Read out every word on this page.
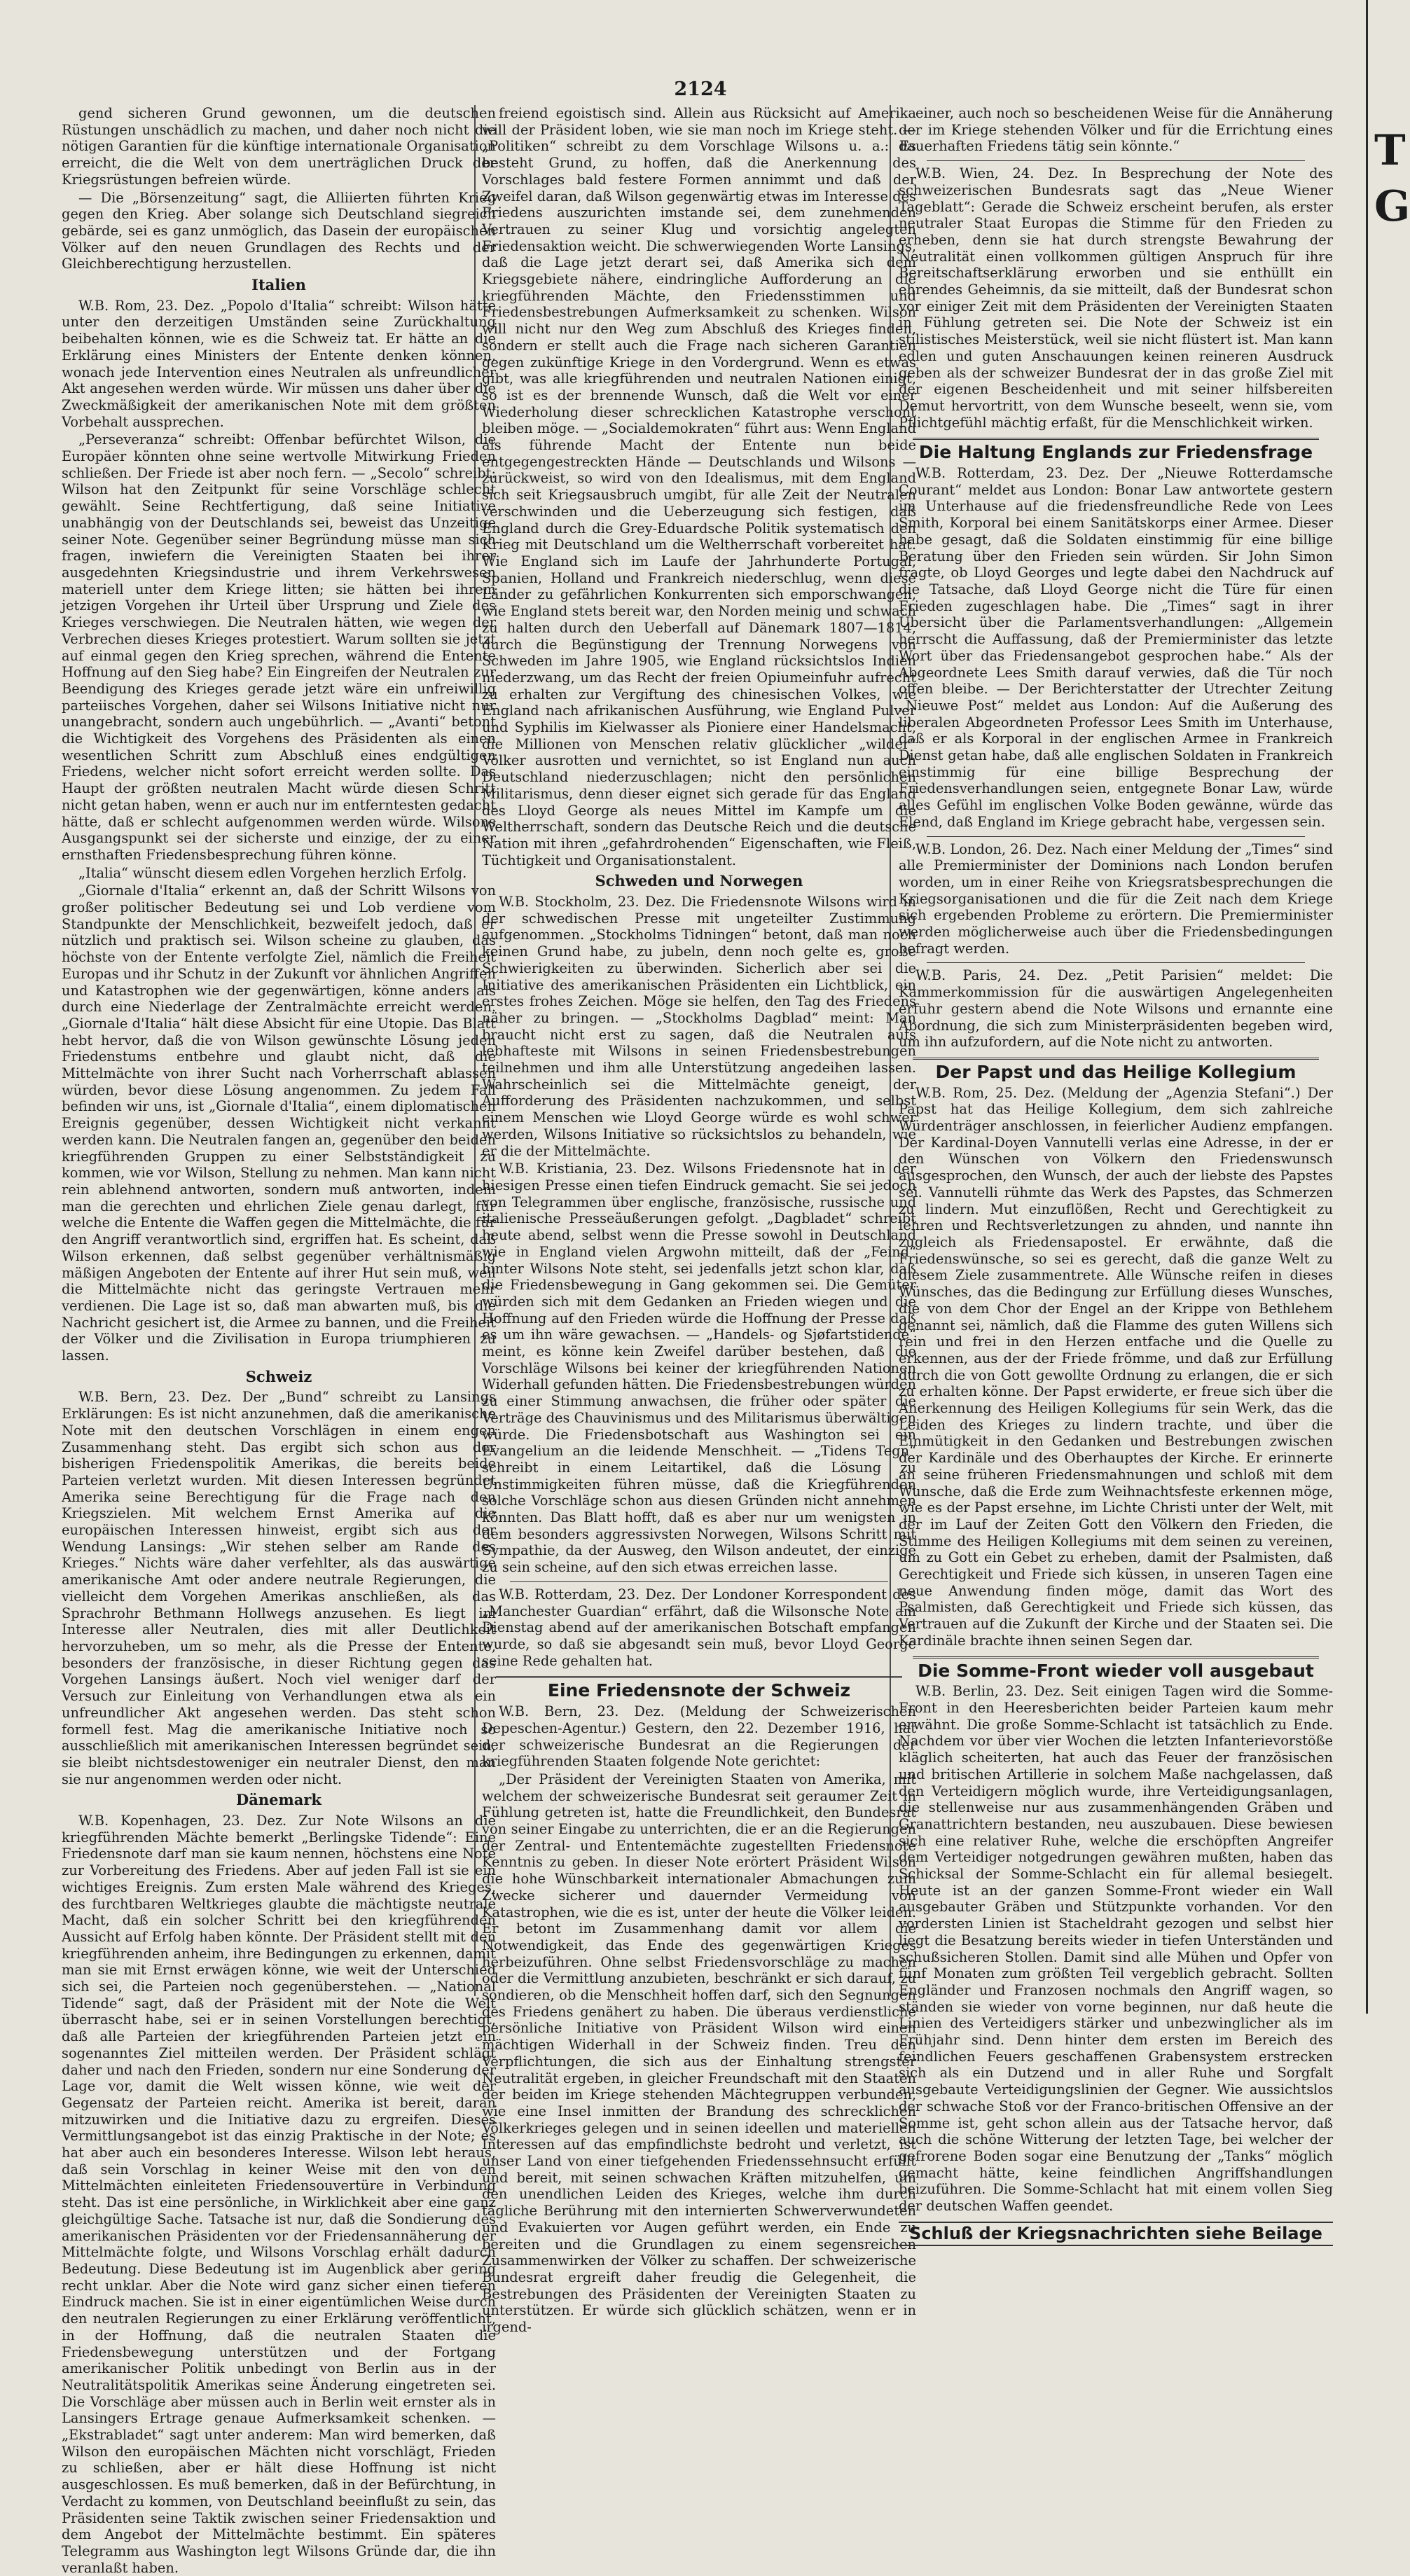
2124
T
G

gend sicheren Grund gewonnen, um die deutschen Rüstungen unschädlich zu machen, und daher noch nicht die nötigen Garantien für die künftige internationale Organisation erreicht, die die Welt von dem unerträglichen Druck der Kriegsrüstungen befreien würde.

— Die „Börsenzeitung“ sagt, die Alliierten führten Krieg gegen den Krieg. Aber solange sich Deutschland siegreich gebärde, sei es ganz unmöglich, das Dasein der europäischen Völker auf den neuen Grundlagen des Rechts und der Gleichberechtigung herzustellen.

Italien

W.B. Rom, 23. Dez. „Popolo d'Italia“ schreibt: Wilson hätte unter den derzeitigen Umständen seine Zurückhaltung beibehalten können, wie es die Schweiz tat. Er hätte an die Erklärung eines Ministers der Entente denken können, wonach jede Intervention eines Neutralen als unfreundlicher Akt angesehen werden würde. Wir müssen uns daher über die Zweckmäßigkeit der amerikanischen Note mit dem größten Vorbehalt aussprechen.

„Perseveranza“ schreibt: Offenbar befürchtet Wilson, die Europäer könnten ohne seine wertvolle Mitwirkung Frieden schließen. Der Friede ist aber noch fern. — „Secolo“ schreibt: Wilson hat den Zeitpunkt für seine Vorschläge schlecht gewählt. Seine Rechtfertigung, daß seine Initiative unabhängig von der Deutschlands sei, beweist das Unzeitige seiner Note. Gegenüber seiner Begründung müsse man sich fragen, inwiefern die Vereinigten Staaten bei ihrer ausgedehnten Kriegsindustrie und ihrem Verkehrswesen materiell unter dem Kriege litten; sie hätten bei ihrem jetzigen Vorgehen ihr Urteil über Ursprung und Ziele des Krieges verschwiegen. Die Neutralen hätten, wie wegen der Verbrechen dieses Krieges protestiert. Warum sollten sie jetzt auf einmal gegen den Krieg sprechen, während die Entente Hoffnung auf den Sieg habe? Ein Eingreifen der Neutralen zur Beendigung des Krieges gerade jetzt wäre ein unfreiwillig parteiisches Vorgehen, daher sei Wilsons Initiative nicht nur unangebracht, sondern auch ungebührlich. — „Avanti“ betont die Wichtigkeit des Vorgehens des Präsidenten als einen wesentlichen Schritt zum Abschluß eines endgültigen Friedens, welcher nicht sofort erreicht werden sollte. Das Haupt der größten neutralen Macht würde diesen Schritt nicht getan haben, wenn er auch nur im entferntesten gedacht hätte, daß er schlecht aufgenommen werden würde. Wilsons Ausgangspunkt sei der sicherste und einzige, der zu einer ernsthaften Friedensbesprechung führen könne.

„Italia“ wünscht diesem edlen Vorgehen herzlich Erfolg.

„Giornale d'Italia“ erkennt an, daß der Schritt Wilsons von großer politischer Bedeutung sei und Lob verdiene vom Standpunkte der Menschlichkeit, bezweifelt jedoch, daß er nützlich und praktisch sei. Wilson scheine zu glauben, das höchste von der Entente verfolgte Ziel, nämlich die Freiheit Europas und ihr Schutz in der Zukunft vor ähnlichen Angriffen und Katastrophen wie der gegenwärtigen, könne anders als durch eine Niederlage der Zentralmächte erreicht werden. „Giornale d'Italia“ hält diese Absicht für eine Utopie. Das Blatt hebt hervor, daß die von Wilson gewünschte Lösung jeden Friedenstums entbehre und glaubt nicht, daß die Mittelmächte von ihrer Sucht nach Vorherrschaft ablassen würden, bevor diese Lösung angenommen. Zu jedem Fall befinden wir uns, ist „Giornale d'Italia“, einem diplomatischen Ereignis gegenüber, dessen Wichtigkeit nicht verkannt werden kann. Die Neutralen fangen an, gegenüber den beiden kriegführenden Gruppen zu einer Selbstständigkeit zu kommen, wie vor Wilson, Stellung zu nehmen. Man kann nicht rein ablehnend antworten, sondern muß antworten, indem man die gerechten und ehrlichen Ziele genau darlegt, für welche die Entente die Waffen gegen die Mittelmächte, die für den Angriff verantwortlich sind, ergriffen hat. Es scheint, daß Wilson erkennen, daß selbst gegenüber verhältnismäßig mäßigen Angeboten der Entente auf ihrer Hut sein muß, weil die Mittelmächte nicht das geringste Vertrauen mehr verdienen. Die Lage ist so, daß man abwarten muß, bis die Nachricht gesichert ist, die Armee zu bannen, und die Freiheit der Völker und die Zivilisation in Europa triumphieren zu lassen.

Schweiz

W.B. Bern, 23. Dez. Der „Bund“ schreibt zu Lansings Erklärungen: Es ist nicht anzunehmen, daß die amerikanische Note mit den deutschen Vorschlägen in einem engen Zusammenhang steht. Das ergibt sich schon aus der bisherigen Friedenspolitik Amerikas, die bereits beide Parteien verletzt wurden. Mit diesen Interessen begründet Amerika seine Berechtigung für die Frage nach den Kriegszielen. Mit welchem Ernst Amerika auf die europäischen Interessen hinweist, ergibt sich aus der Wendung Lansings: „Wir stehen selber am Rande des Krieges.“ Nichts wäre daher verfehlter, als das auswärtige amerikanische Amt oder andere neutrale Regierungen, die vielleicht dem Vorgehen Amerikas anschließen, als das Sprachrohr Bethmann Hollwegs anzusehen. Es liegt im Interesse aller Neutralen, dies mit aller Deutlichkeit hervorzuheben, um so mehr, als die Presse der Entente, besonders der französische, in dieser Richtung gegen das Vorgehen Lansings äußert. Noch viel weniger darf der Versuch zur Einleitung von Verhandlungen etwa als ein unfreundlicher Akt angesehen werden. Das steht schon formell fest. Mag die amerikanische Initiative noch so ausschließlich mit amerikanischen Interessen begründet sein, sie bleibt nichtsdestoweniger ein neutraler Dienst, den man sie nur angenommen werden oder nicht.

Dänemark

W.B. Kopenhagen, 23. Dez. Zur Note Wilsons an die kriegführenden Mächte bemerkt „Berlingske Tidende“: Eine Friedensnote darf man sie kaum nennen, höchstens eine Note zur Vorbereitung des Friedens. Aber auf jeden Fall ist sie ein wichtiges Ereignis. Zum ersten Male während des Krieges, des furchtbaren Weltkrieges glaubte die mächtigste neutrale Macht, daß ein solcher Schritt bei den kriegführenden Aussicht auf Erfolg haben könnte. Der Präsident stellt mit den kriegführenden anheim, ihre Bedingungen zu erkennen, damit man sie mit Ernst erwägen könne, wie weit der Unterschied sich sei, die Parteien noch gegenüberstehen. — „National Tidende“ sagt, daß der Präsident mit der Note die Welt überrascht habe, sei er in seinen Vorstellungen berechtigt, daß alle Parteien der kriegführenden Parteien jetzt ein sogenanntes Ziel mitteilen werden. Der Präsident schlägt daher und nach den Frieden, sondern nur eine Sonderung der Lage vor, damit die Welt wissen könne, wie weit der Gegensatz der Parteien reicht. Amerika ist bereit, daran mitzuwirken und die Initiative dazu zu ergreifen. Dieses Vermittlungsangebot ist das einzig Praktische in der Note; es hat aber auch ein besonderes Interesse. Wilson lebt heraus, daß sein Vorschlag in keiner Weise mit den von den Mittelmächten einleiteten Friedensouvertüre in Verbindung steht. Das ist eine persönliche, in Wirklichkeit aber eine ganz gleichgültige Sache. Tatsache ist nur, daß die Sondierung des amerikanischen Präsidenten vor der Friedensannäherung der Mittelmächte folgte, und Wilsons Vorschlag erhält dadurch Bedeutung. Diese Bedeutung ist im Augenblick aber gering recht unklar. Aber die Note wird ganz sicher einen tieferen Eindruck machen. Sie ist in einer eigentümlichen Weise durch den neutralen Regierungen zu einer Erklärung veröffentlicht, in der Hoffnung, daß die neutralen Staaten die Friedensbewegung unterstützen und der Fortgang amerikanischer Politik unbedingt von Berlin aus in der Neutralitätspolitik Amerikas seine Änderung eingetreten sei. Die Vorschläge aber müssen auch in Berlin weit ernster als in Lansingers Ertrage genaue Aufmerksamkeit schenken. — „Ekstrabladet“ sagt unter anderem: Man wird bemerken, daß Wilson den europäischen Mächten nicht vorschlägt, Frieden zu schließen, aber er hält diese Hoffnung ist nicht ausgeschlossen. Es muß bemerken, daß in der Befürchtung, in Verdacht zu kommen, von Deutschland beeinflußt zu sein, das Präsidenten seine Taktik zwischen seiner Friedensaktion und dem Angebot der Mittelmächte bestimmt. Ein späteres Telegramm aus Washington legt Wilsons Gründe dar, die ihn veranlaßt haben.

freiend egoistisch sind. Allein aus Rücksicht auf Amerika will der Präsident loben, wie sie man noch im Kriege steht. — „Politiken“ schreibt zu dem Vorschlage Wilsons u. a.: Es besteht Grund, zu hoffen, daß die Anerkennung des Vorschlages bald festere Formen annimmt und daß der Zweifel daran, daß Wilson gegenwärtig etwas im Interesse des Friedens auszurichten imstande sei, dem zunehmenden Vertrauen zu seiner Klug und vorsichtig angelegten Friedensaktion weicht. Die schwerwiegenden Worte Lansings, daß die Lage jetzt derart sei, daß Amerika sich dem Kriegsgebiete nähere, eindringliche Aufforderung an die kriegführenden Mächte, den Friedensstimmen und Friedensbestrebungen Aufmerksamkeit zu schenken. Wilson will nicht nur den Weg zum Abschluß des Krieges finden, sondern er stellt auch die Frage nach sicheren Garantien gegen zukünftige Kriege in den Vordergrund. Wenn es etwas gibt, was alle kriegführenden und neutralen Nationen einigt, so ist es der brennende Wunsch, daß die Welt vor einer Wiederholung dieser schrecklichen Katastrophe verschont bleiben möge. — „Socialdemokraten“ führt aus: Wenn England als führende Macht der Entente nun beide entgegengestreckten Hände — Deutschlands und Wilsons — zurückweist, so wird von den Idealismus, mit dem England sich seit Kriegsausbruch umgibt, für alle Zeit der Neutralen verschwinden und die Ueberzeugung sich festigen, daß England durch die Grey-Eduardsche Politik systematisch den Krieg mit Deutschland um die Weltherrschaft vorbereitet hat. Wie England sich im Laufe der Jahrhunderte Portugal, Spanien, Holland und Frankreich niederschlug, wenn diese Länder zu gefährlichen Konkurrenten sich emporschwangen, wie England stets bereit war, den Norden meinig und schwach zu halten durch den Ueberfall auf Dänemark 1807—1814, durch die Begünstigung der Trennung Norwegens von Schweden im Jahre 1905, wie England rücksichtslos Indien niederzwang, um das Recht der freien Opiumeinfuhr aufrecht zu erhalten zur Vergiftung des chinesischen Volkes, wie England nach afrikanischen Ausführung, wie England Pulver und Syphilis im Kielwasser als Pioniere einer Handelsmacht, die Millionen von Menschen relativ glücklicher „wilder“ Völker ausrotten und vernichtet, so ist England nun auch Deutschland niederzuschlagen; nicht den persönlichen Militarismus, denn dieser eignet sich gerade für das England des Lloyd George als neues Mittel im Kampfe um die Weltherrschaft, sondern das Deutsche Reich und die deutsche Nation mit ihren „gefahrdrohenden“ Eigenschaften, wie Fleiß, Tüchtigkeit und Organisationstalent.

Schweden und Norwegen

W.B. Stockholm, 23. Dez. Die Friedensnote Wilsons wird in der schwedischen Presse mit ungeteilter Zustimmung aufgenommen. „Stockholms Tidningen“ betont, daß man noch keinen Grund habe, zu jubeln, denn noch gelte es, große Schwierigkeiten zu überwinden. Sicherlich aber sei die Initiative des amerikanischen Präsidenten ein Lichtblick, ein erstes frohes Zeichen. Möge sie helfen, den Tag des Friedens näher zu bringen. — „Stockholms Dagblad“ meint: Man braucht nicht erst zu sagen, daß die Neutralen aufs lebhafteste mit Wilsons in seinen Friedensbestrebungen teilnehmen und ihm alle Unterstützung angedeihen lassen. Wahrscheinlich sei die Mittelmächte geneigt, der Aufforderung des Präsidenten nachzukommen, und selbst einem Menschen wie Lloyd George würde es wohl schwer werden, Wilsons Initiative so rücksichtslos zu behandeln, wie er die der Mittelmächte.

W.B. Kristiania, 23. Dez. Wilsons Friedensnote hat in der hiesigen Presse einen tiefen Eindruck gemacht. Sie sei jedoch von Telegrammen über englische, französische, russische und italienische Presseäußerungen gefolgt. „Dagbladet“ schreibt heute abend, selbst wenn die Presse sowohl in Deutschland wie in England vielen Argwohn mitteilt, daß der „Feind“ hinter Wilsons Note steht, sei jedenfalls jetzt schon klar, daß die Friedensbewegung in Gang gekommen sei. Die Gemüter würden sich mit dem Gedanken an Frieden wiegen und die Hoffnung auf den Frieden würde die Hoffnung der Presse daß es um ihn wäre gewachsen. — „Handels- og Sjøfartstidende“ meint, es könne kein Zweifel darüber bestehen, daß die Vorschläge Wilsons bei keiner der kriegführenden Nationen Widerhall gefunden hätten. Die Friedensbestrebungen würden zu einer Stimmung anwachsen, die früher oder später die Verträge des Chauvinismus und des Militarismus überwältigen würde. Die Friedensbotschaft aus Washington sei ein Evangelium an die leidende Menschheit. — „Tidens Tegn“ schreibt in einem Leitartikel, daß die Lösung zu Unstimmigkeiten führen müsse, daß die Kriegführenden solche Vorschläge schon aus diesen Gründen nicht annehmen könnten. Das Blatt hofft, daß es aber nur um wenigsten in dem besonders aggressivsten Norwegen, Wilsons Schritt mit Sympathie, da der Ausweg, den Wilson andeutet, der einzige zu sein scheine, auf den sich etwas erreichen lasse.

W.B. Rotterdam, 23. Dez. Der Londoner Korrespondent des „Manchester Guardian“ erfährt, daß die Wilsonsche Note am Dienstag abend auf der amerikanischen Botschaft empfangen wurde, so daß sie abgesandt sein muß, bevor Lloyd George seine Rede gehalten hat.

Eine Friedensnote der Schweiz

W.B. Bern, 23. Dez. (Meldung der Schweizerischen Depeschen-Agentur.) Gestern, den 22. Dezember 1916, hat der schweizerische Bundesrat an die Regierungen der kriegführenden Staaten folgende Note gerichtet:

„Der Präsident der Vereinigten Staaten von Amerika, mit welchem der schweizerische Bundesrat seit geraumer Zeit in Fühlung getreten ist, hatte die Freundlichkeit, den Bundesrat von seiner Eingabe zu unterrichten, die er an die Regierungen der Zentral- und Ententemächte zugestellten Friedensnote Kenntnis zu geben. In dieser Note erörtert Präsident Wilson die hohe Wünschbarkeit internationaler Abmachungen zum Zwecke sicherer und dauernder Vermeidung von Katastrophen, wie die es ist, unter der heute die Völker leiden. Er betont im Zusammenhang damit vor allem die Notwendigkeit, das Ende des gegenwärtigen Krieges herbeizuführen. Ohne selbst Friedensvorschläge zu machen oder die Vermittlung anzubieten, beschränkt er sich darauf, zu sondieren, ob die Menschheit hoffen darf, sich den Segnungen des Friedens genähert zu haben. Die überaus verdienstliche persönliche Initiative von Präsident Wilson wird einen mächtigen Widerhall in der Schweiz finden. Treu den Verpflichtungen, die sich aus der Einhaltung strengster Neutralität ergeben, in gleicher Freundschaft mit den Staaten der beiden im Kriege stehenden Mächtegruppen verbunden, wie eine Insel inmitten der Brandung des schrecklichen Völkerkrieges gelegen und in seinen ideellen und materiellen Interessen auf das empfindlichste bedroht und verletzt, ist unser Land von einer tiefgehenden Friedenssehnsucht erfüllt und bereit, mit seinen schwachen Kräften mitzuhelfen, um den unendlichen Leiden des Krieges, welche ihm durch tägliche Berührung mit den internierten Schwerverwundeten und Evakuierten vor Augen geführt werden, ein Ende zu bereiten und die Grundlagen zu einem segensreichen Zusammenwirken der Völker zu schaffen. Der schweizerische Bundesrat ergreift daher freudig die Gelegenheit, die Bestrebungen des Präsidenten der Vereinigten Staaten zu unterstützen. Er würde sich glücklich schätzen, wenn er in irgend-

einer, auch noch so bescheidenen Weise für die Annäherung der im Kriege stehenden Völker und für die Errichtung eines dauerhaften Friedens tätig sein könnte.“

W.B. Wien, 24. Dez. In Besprechung der Note des schweizerischen Bundesrats sagt das „Neue Wiener Tageblatt“: Gerade die Schweiz erscheint berufen, als erster neutraler Staat Europas die Stimme für den Frieden zu erheben, denn sie hat durch strengste Bewahrung der Neutralität einen vollkommen gültigen Anspruch für ihre Bereitschaftserklärung erworben und sie enthüllt ein ehrendes Geheimnis, da sie mitteilt, daß der Bundesrat schon vor einiger Zeit mit dem Präsidenten der Vereinigten Staaten in Fühlung getreten sei. Die Note der Schweiz ist ein stilistisches Meisterstück, weil sie nicht flüstert ist. Man kann edlen und guten Anschauungen keinen reineren Ausdruck geben als der schweizer Bundesrat der in das große Ziel mit der eigenen Bescheidenheit und mit seiner hilfsbereiten Demut hervortritt, von dem Wunsche beseelt, wenn sie, vom Pflichtgefühl mächtig erfaßt, für die Menschlichkeit wirken.

Die Haltung Englands zur Friedensfrage

W.B. Rotterdam, 23. Dez. Der „Nieuwe Rotterdamsche Courant“ meldet aus London: Bonar Law antwortete gestern im Unterhause auf die friedensfreundliche Rede von Lees Smith, Korporal bei einem Sanitätskorps einer Armee. Dieser habe gesagt, daß die Soldaten einstimmig für eine billige Beratung über den Frieden sein würden. Sir John Simon fragte, ob Lloyd Georges und legte dabei den Nachdruck auf die Tatsache, daß Lloyd George nicht die Türe für einen Frieden zugeschlagen habe. Die „Times“ sagt in ihrer Übersicht über die Parlamentsverhandlungen: „Allgemein herrscht die Auffassung, daß der Premierminister das letzte Wort über das Friedensangebot gesprochen habe.“ Als der Abgeordnete Lees Smith darauf verwies, daß die Tür noch offen bleibe. — Der Berichterstatter der Utrechter Zeitung „Nieuwe Post“ meldet aus London: Auf die Außerung des liberalen Abgeordneten Professor Lees Smith im Unterhause, daß er als Korporal in der englischen Armee in Frankreich Dienst getan habe, daß alle englischen Soldaten in Frankreich einstimmig für eine billige Besprechung der Friedensverhandlungen seien, entgegnete Bonar Law, würde alles Gefühl im englischen Volke Boden gewänne, würde das Elend, daß England im Kriege gebracht habe, vergessen sein.

W.B. London, 26. Dez. Nach einer Meldung der „Times“ sind alle Premierminister der Dominions nach London berufen worden, um in einer Reihe von Kriegsratsbesprechungen die Kriegsorganisationen und die für die Zeit nach dem Kriege sich ergebenden Probleme zu erörtern. Die Premierminister werden möglicherweise auch über die Friedensbedingungen befragt werden.

W.B. Paris, 24. Dez. „Petit Parisien“ meldet: Die Kammerkommission für die auswärtigen Angelegenheiten erfuhr gestern abend die Note Wilsons und ernannte eine Abordnung, die sich zum Ministerpräsidenten begeben wird, um ihn aufzufordern, auf die Note nicht zu antworten.

Der Papst und das Heilige Kollegium

W.B. Rom, 25. Dez. (Meldung der „Agenzia Stefani“.) Der Papst hat das Heilige Kollegium, dem sich zahlreiche Würdenträger anschlossen, in feierlicher Audienz empfangen. Der Kardinal-Doyen Vannutelli verlas eine Adresse, in der er den Wünschen von Völkern den Friedenswunsch ausgesprochen, den Wunsch, der auch der liebste des Papstes sei. Vannutelli rühmte das Werk des Papstes, das Schmerzen zu lindern. Mut einzuflößen, Recht und Gerechtigkeit zu lehren und Rechtsverletzungen zu ahnden, und nannte ihn zugleich als Friedensapostel. Er erwähnte, daß die Friedenswünsche, so sei es gerecht, daß die ganze Welt zu diesem Ziele zusammentrete. Alle Wünsche reifen in dieses Wünsches, das die Bedingung zur Erfüllung dieses Wunsches, die von dem Chor der Engel an der Krippe von Bethlehem genannt sei, nämlich, daß die Flamme des guten Willens sich rein und frei in den Herzen entfache und die Quelle zu erkennen, aus der der Friede frömme, und daß zur Erfüllung durch die von Gott gewollte Ordnung zu erlangen, die er sich zu erhalten könne. Der Papst erwiderte, er freue sich über die Anerkennung des Heiligen Kollegiums für sein Werk, das die Leiden des Krieges zu lindern trachte, und über die Einmütigkeit in den Gedanken und Bestrebungen zwischen der Kardinäle und des Oberhauptes der Kirche. Er erinnerte an seine früheren Friedensmahnungen und schloß mit dem Wunsche, daß die Erde zum Weihnachtsfeste erkennen möge, wie es der Papst ersehne, im Lichte Christi unter der Welt, mit der im Lauf der Zeiten Gott den Völkern den Frieden, die Stimme des Heiligen Kollegiums mit dem seinen zu vereinen, um zu Gott ein Gebet zu erheben, damit der Psalmisten, daß Gerechtigkeit und Friede sich küssen, in unseren Tagen eine neue Anwendung finden möge, damit das Wort des Psalmisten, daß Gerechtigkeit und Friede sich küssen, das Vertrauen auf die Zukunft der Kirche und der Staaten sei. Die Kardinäle brachte ihnen seinen Segen dar.

Die Somme-Front wieder voll ausgebaut

W.B. Berlin, 23. Dez. Seit einigen Tagen wird die Somme-Front in den Heeresberichten beider Parteien kaum mehr erwähnt. Die große Somme-Schlacht ist tatsächlich zu Ende. Nachdem vor über vier Wochen die letzten Infanterievorstöße kläglich scheiterten, hat auch das Feuer der französischen und britischen Artillerie in solchem Maße nachgelassen, daß den Verteidigern möglich wurde, ihre Verteidigungsanlagen, die stellenweise nur aus zusammenhängenden Gräben und Granattrichtern bestanden, neu auszubauen. Diese bewiesen sich eine relativer Ruhe, welche die erschöpften Angreifer dem Verteidiger notgedrungen gewähren mußten, haben das Schicksal der Somme-Schlacht ein für allemal besiegelt. Heute ist an der ganzen Somme-Front wieder ein Wall ausgebauter Gräben und Stützpunkte vorhanden. Vor den vordersten Linien ist Stacheldraht gezogen und selbst hier liegt die Besatzung bereits wieder in tiefen Unterständen und schußsicheren Stollen. Damit sind alle Mühen und Opfer von fünf Monaten zum größten Teil vergeblich gebracht. Sollten Engländer und Franzosen nochmals den Angriff wagen, so ständen sie wieder von vorne beginnen, nur daß heute die Linien des Verteidigers stärker und unbezwinglicher als im Frühjahr sind. Denn hinter dem ersten im Bereich des feindlichen Feuers geschaffenen Grabensystem erstrecken sich als ein Dutzend und in aller Ruhe und Sorgfalt ausgebaute Verteidigungslinien der Gegner. Wie aussichtslos der schwache Stoß vor der Franco-britischen Offensive an der Somme ist, geht schon allein aus der Tatsache hervor, daß auch die schöne Witterung der letzten Tage, bei welcher der gefrorene Boden sogar eine Benutzung der „Tanks“ möglich gemacht hätte, keine feindlichen Angriffshandlungen beizuführen. Die Somme-Schlacht hat mit einem vollen Sieg der deutschen Waffen geendet.

Schluß der Kriegsnachrichten siehe Beilage
